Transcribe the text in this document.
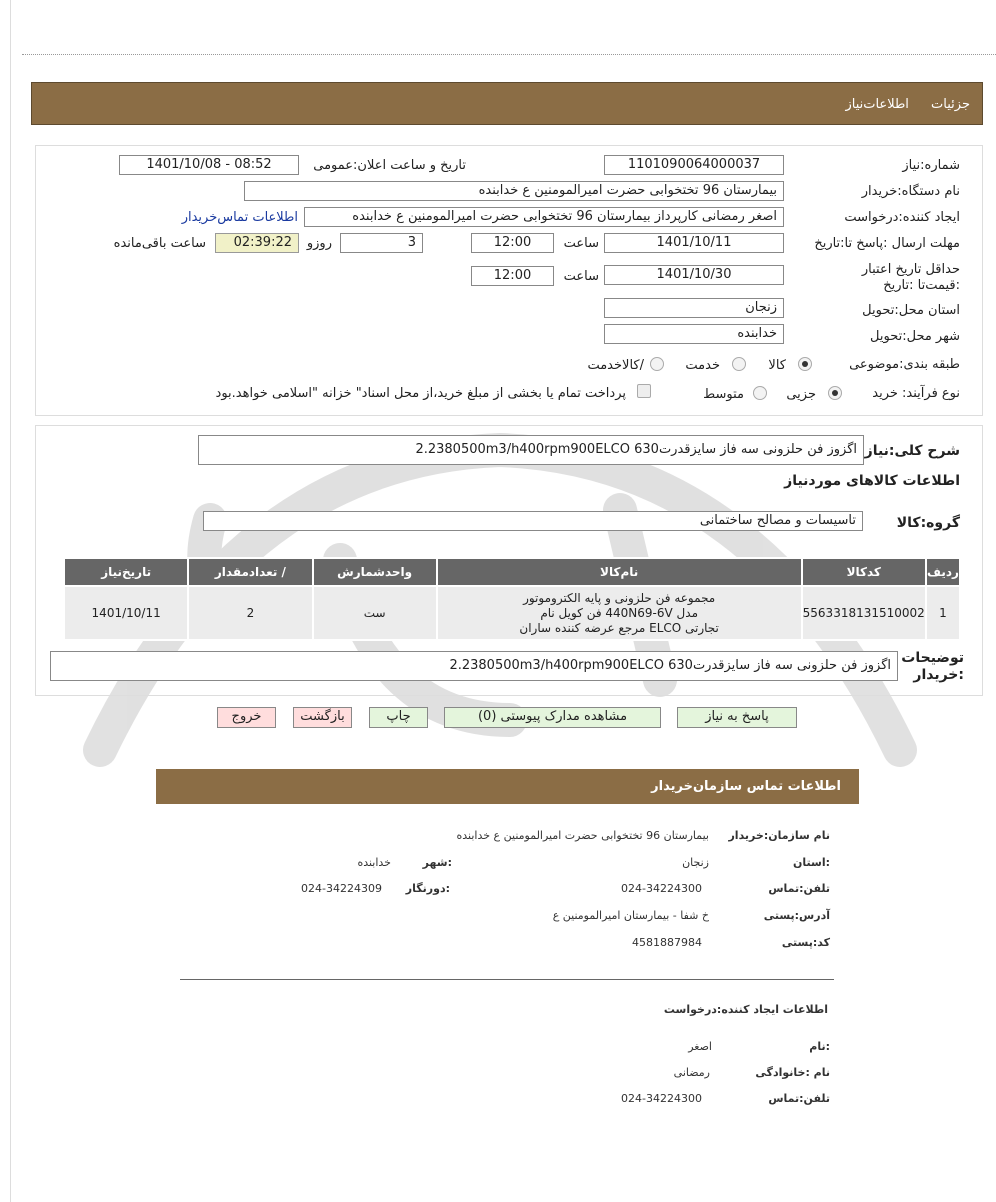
جزئیات اطلاعات‌نیاز
شماره‌:نیاز
1101090064000037
تاریخ و ساعت اعلان:عمومی
1401/10/08 - 08:52
نام دستگاه:خریدار
بیمارستان 96 تختخوابی حضرت امیرالمومنین ع خدابنده
ایجاد کننده:درخواست
اصغر رمضانی کارپرداز بیمارستان 96 تختخوابی حضرت امیرالمومنین ع خدابنده
اطلاعات تماس‌خریدار
مهلت ارسال :پاسخ تا:تاریخ
1401/10/11
ساعت
12:00
3
روزو
02:39:22
ساعت باقی‌مانده
حداقل تاریخ اعتبار :قیمت‌تا :تاریخ
1401/10/30
ساعت
12:00
استان محل:تحویل
زنجان
شهر محل:تحویل
خدابنده
طبقه بندی:موضوعی
کالا
خدمت
/کالاخدمت
نوع فرآیند: خرید
جزیی
متوسط
پرداخت تمام یا بخشی از مبلغ خرید،از محل اسناد" خزانه "اسلامی خواهد.بود
شرح کلی:نیاز
اگزوز فن حلزونی سه فاز سایزقدرت630 2.2380500m3/h400rpm900ELCO
اطلاعات کالاهای موردنیاز
گروه:کالا
تاسیسات و مصالح ساختمانی
ردیف	کدکالا	نام‌کالا	واحدشمارش	/ تعدادمقدار	تاریخ‌نیاز
1	5563318131510002	مجموعه فن حلزونی و پایه الکتروموتور
مدل 440N69-6V فن کویل نام
تجارتی ELCO مرجع عرضه کننده ساران	ست	2	1401/10/11
توضیحات :خریدار
اگزوز فن حلزونی سه فاز سایزقدرت630 2.2380500m3/h400rpm900ELCO
پاسخ به نیاز
مشاهده مدارک پیوستی (0)
چاپ
بازگشت
خروج
اطلاعات تماس سازمان‌خریدار
نام سازمان:خریدار
بیمارستان 96 تختخوابی حضرت امیرالمومنین ع خدابنده
:استان
زنجان
:شهر
خدابنده
تلفن:تماس
024-34224300
:دورنگار
024-34224309
آدرس:پستی
خ شفا - بیمارستان امیرالمومنین ع
کد:پستی
4581887984
اطلاعات ایجاد کننده:درخواست
:نام
اصغر
نام :خانوادگی
رمضانی
تلفن:تماس
024-34224300
